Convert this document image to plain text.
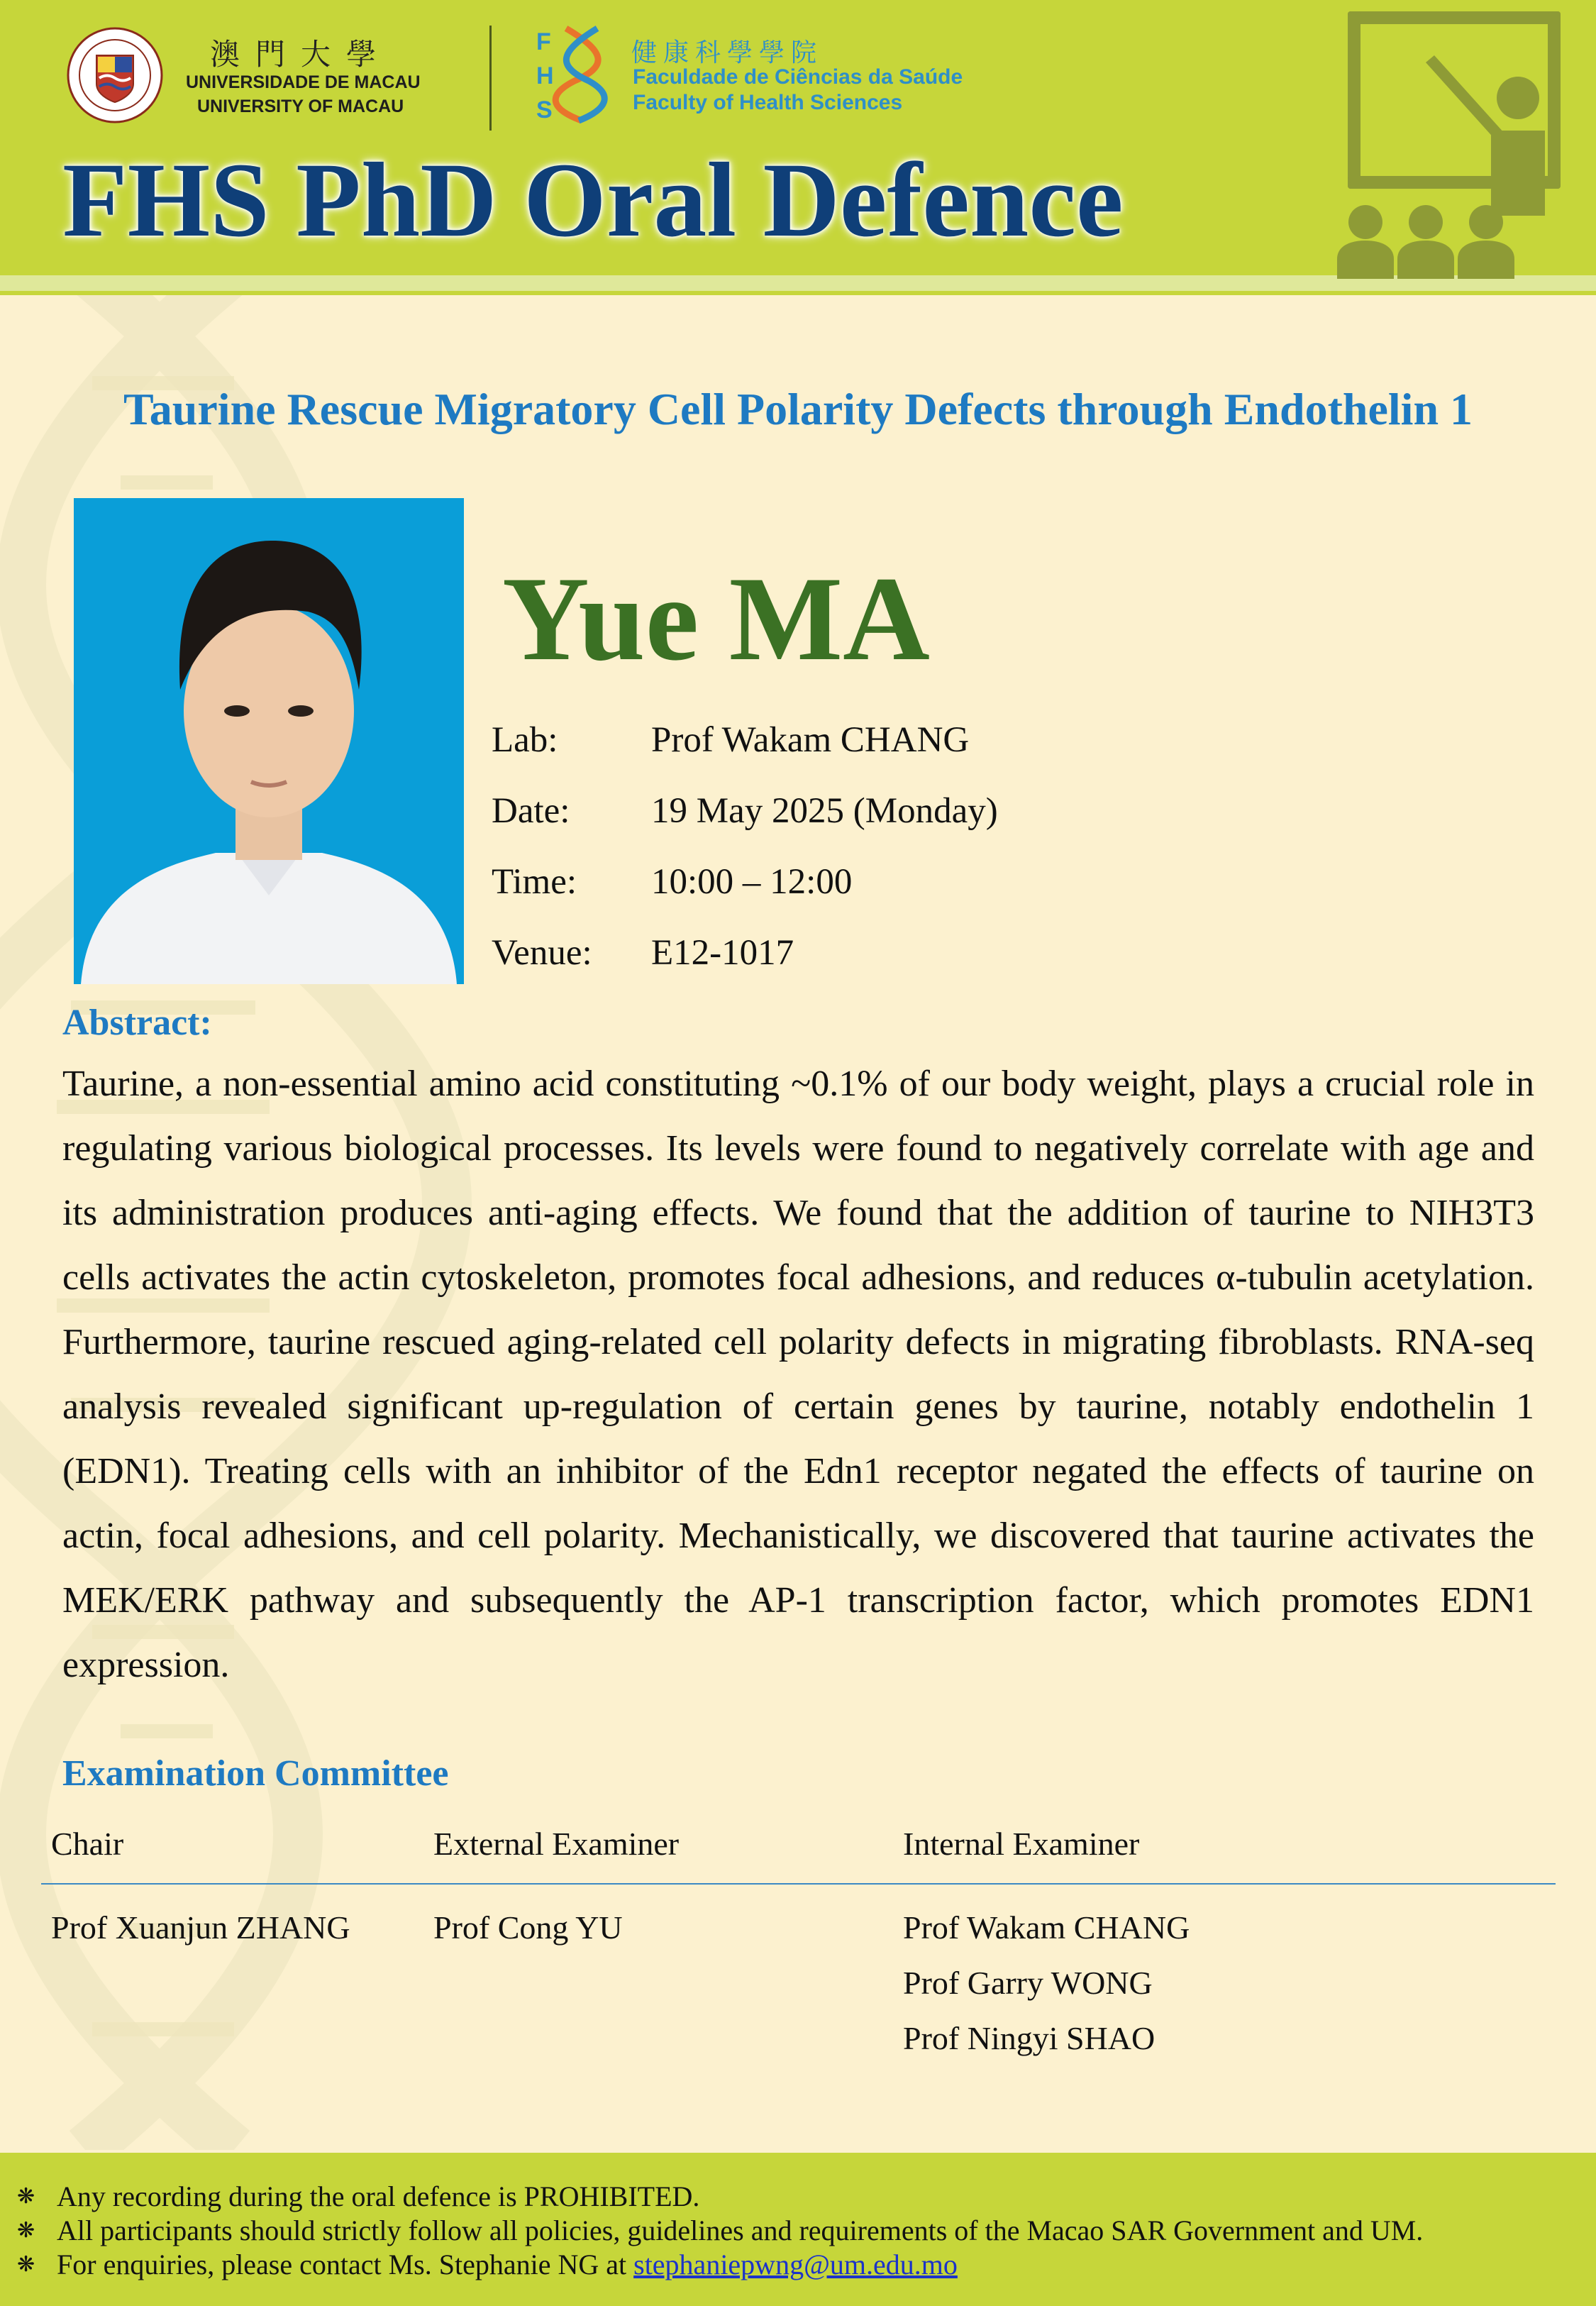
澳門大學
UNIVERSIDADE DE MACAU
UNIVERSITY OF MACAU
F
H
S
健康科學學院
Faculdade de Ciências da Saúde
Faculty of Health Sciences
FHS PhD Oral Defence
Taurine Rescue Migratory Cell Polarity Defects through Endothelin 1
Yue MA
Lab:	Prof Wakam CHANG
Date: 19 May 2025 (Monday)
Time: 10:00 – 12:00
Venue: E12-1017
Abstract:
Taurine, a non-essential amino acid constituting ~0.1% of our body weight, plays a crucial role in regulating various biological processes. Its levels were found to negatively correlate with age and its administration produces anti-aging effects. We found that the addition of taurine to NIH3T3 cells activates the actin cytoskeleton, promotes focal adhesions, and reduces α-tubulin acetylation. Furthermore, taurine rescued aging-related cell polarity defects in migrating fibroblasts. RNA-seq analysis revealed significant up-regulation of certain genes by taurine, notably endothelin 1 (EDN1). Treating cells with an inhibitor of the Edn1 receptor negated the effects of taurine on actin, focal adhesions, and cell polarity. Mechanistically, we discovered that taurine activates the MEK/ERK pathway and subsequently the AP-1 transcription factor, which promotes EDN1 expression.
Examination Committee
Chair	External Examiner	Internal Examiner
Prof Xuanjun ZHANG	Prof Cong YU	Prof Wakam CHANG
Prof Garry WONG
Prof Ningyi SHAO
❋ Any recording during the oral defence is PROHIBITED.
❋ All participants should strictly follow all policies, guidelines and requirements of the Macao SAR Government and UM.
❋ For enquiries, please contact Ms. Stephanie NG at stephaniepwng@um.edu.mo
